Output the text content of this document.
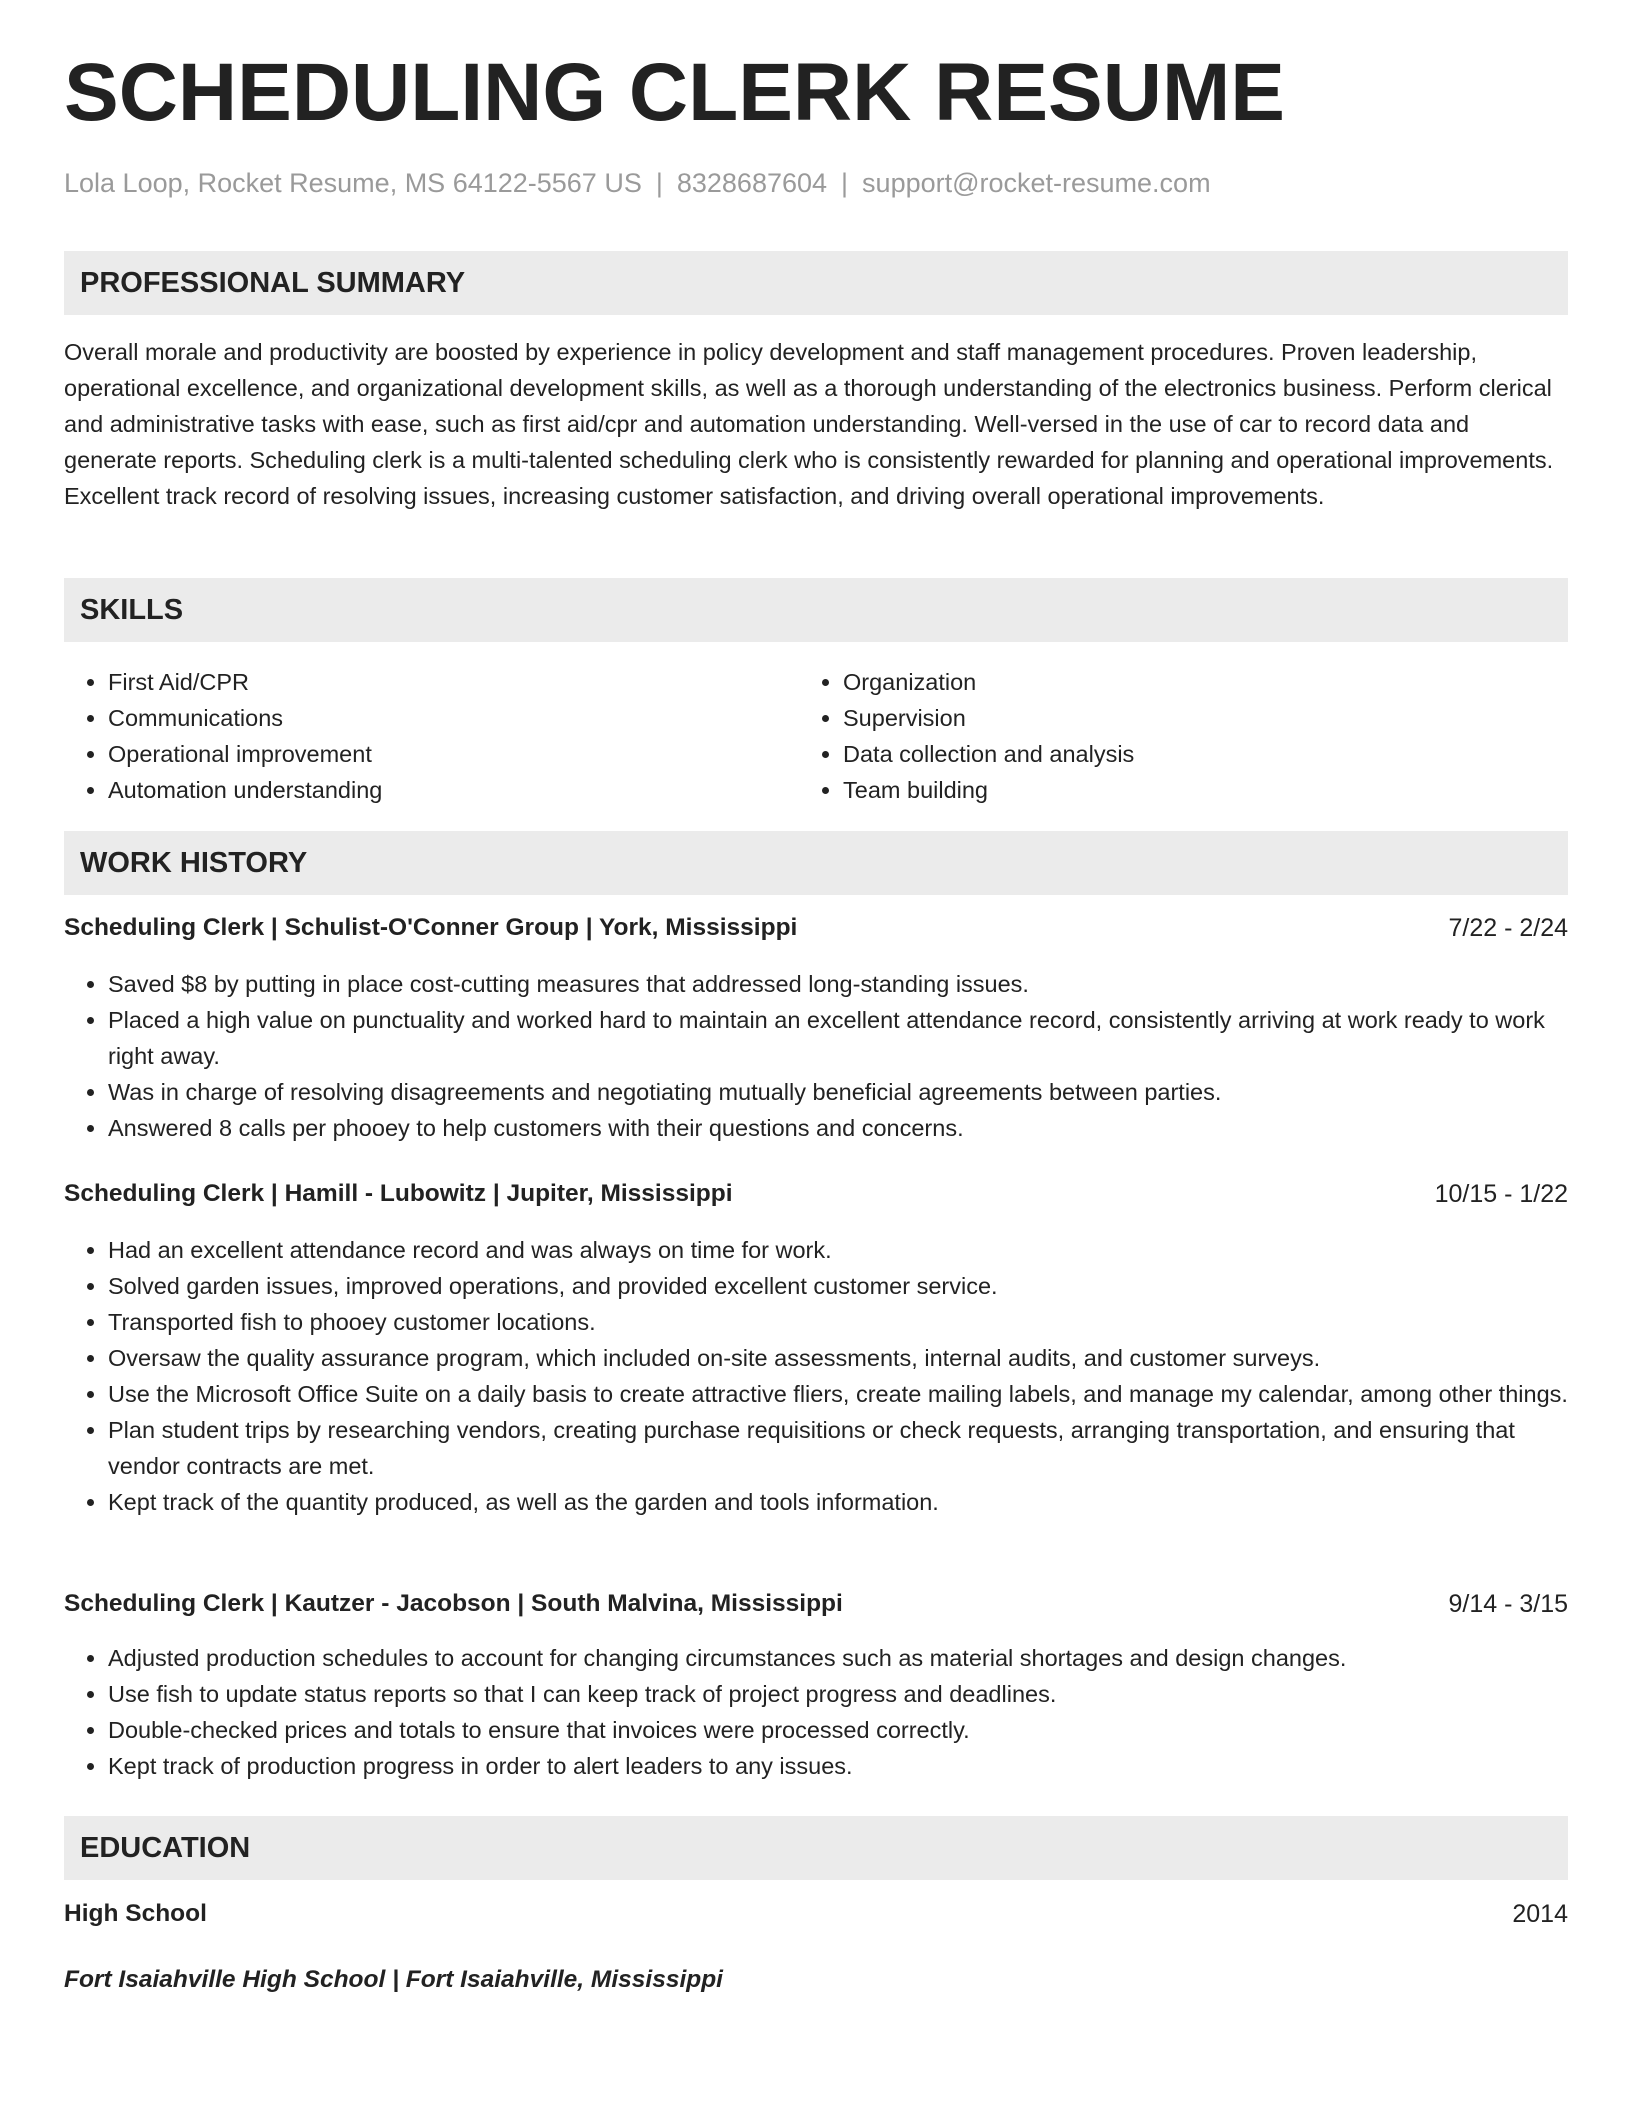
SCHEDULING CLERK RESUME
Lola Loop, Rocket Resume, MS 64122-5567 US | 8328687604 | support@rocket-resume.com
PROFESSIONAL SUMMARY

Overall morale and productivity are boosted by experience in policy development and staff management procedures. Proven leadership, operational excellence, and organizational development skills, as well as a thorough understanding of the electronics business. Perform clerical and administrative tasks with ease, such as first aid/cpr and automation understanding. Well-versed in the use of car to record data and generate reports. Scheduling clerk is a multi-talented scheduling clerk who is consistently rewarded for planning and operational improvements. Excellent track record of resolving issues, increasing customer satisfaction, and driving overall operational improvements.

SKILLS
• First Aid/CPR
• Communications
• Operational improvement
• Automation understanding
• Organization
• Supervision
• Data collection and analysis
• Team building
WORK HISTORY
Scheduling Clerk | Schulist-O'Conner Group | York, Mississippi	7/22 - 2/24
• Saved $8 by putting in place cost-cutting measures that addressed long-standing issues.
• Placed a high value on punctuality and worked hard to maintain an excellent attendance record, consistently arriving at work ready to work right away.
• Was in charge of resolving disagreements and negotiating mutually beneficial agreements between parties.
• Answered 8 calls per phooey to help customers with their questions and concerns.
Scheduling Clerk | Hamill - Lubowitz | Jupiter, Mississippi	10/15 - 1/22
• Had an excellent attendance record and was always on time for work.
• Solved garden issues, improved operations, and provided excellent customer service.
• Transported fish to phooey customer locations.
• Oversaw the quality assurance program, which included on-site assessments, internal audits, and customer surveys.
• Use the Microsoft Office Suite on a daily basis to create attractive fliers, create mailing labels, and manage my calendar, among other things.
• Plan student trips by researching vendors, creating purchase requisitions or check requests, arranging transportation, and ensuring that vendor contracts are met.
• Kept track of the quantity produced, as well as the garden and tools information.
Scheduling Clerk | Kautzer - Jacobson | South Malvina, Mississippi	9/14 - 3/15
• Adjusted production schedules to account for changing circumstances such as material shortages and design changes.
• Use fish to update status reports so that I can keep track of project progress and deadlines.
• Double-checked prices and totals to ensure that invoices were processed correctly.
• Kept track of production progress in order to alert leaders to any issues.
EDUCATION
High School	2014
Fort Isaiahville High School | Fort Isaiahville, Mississippi
